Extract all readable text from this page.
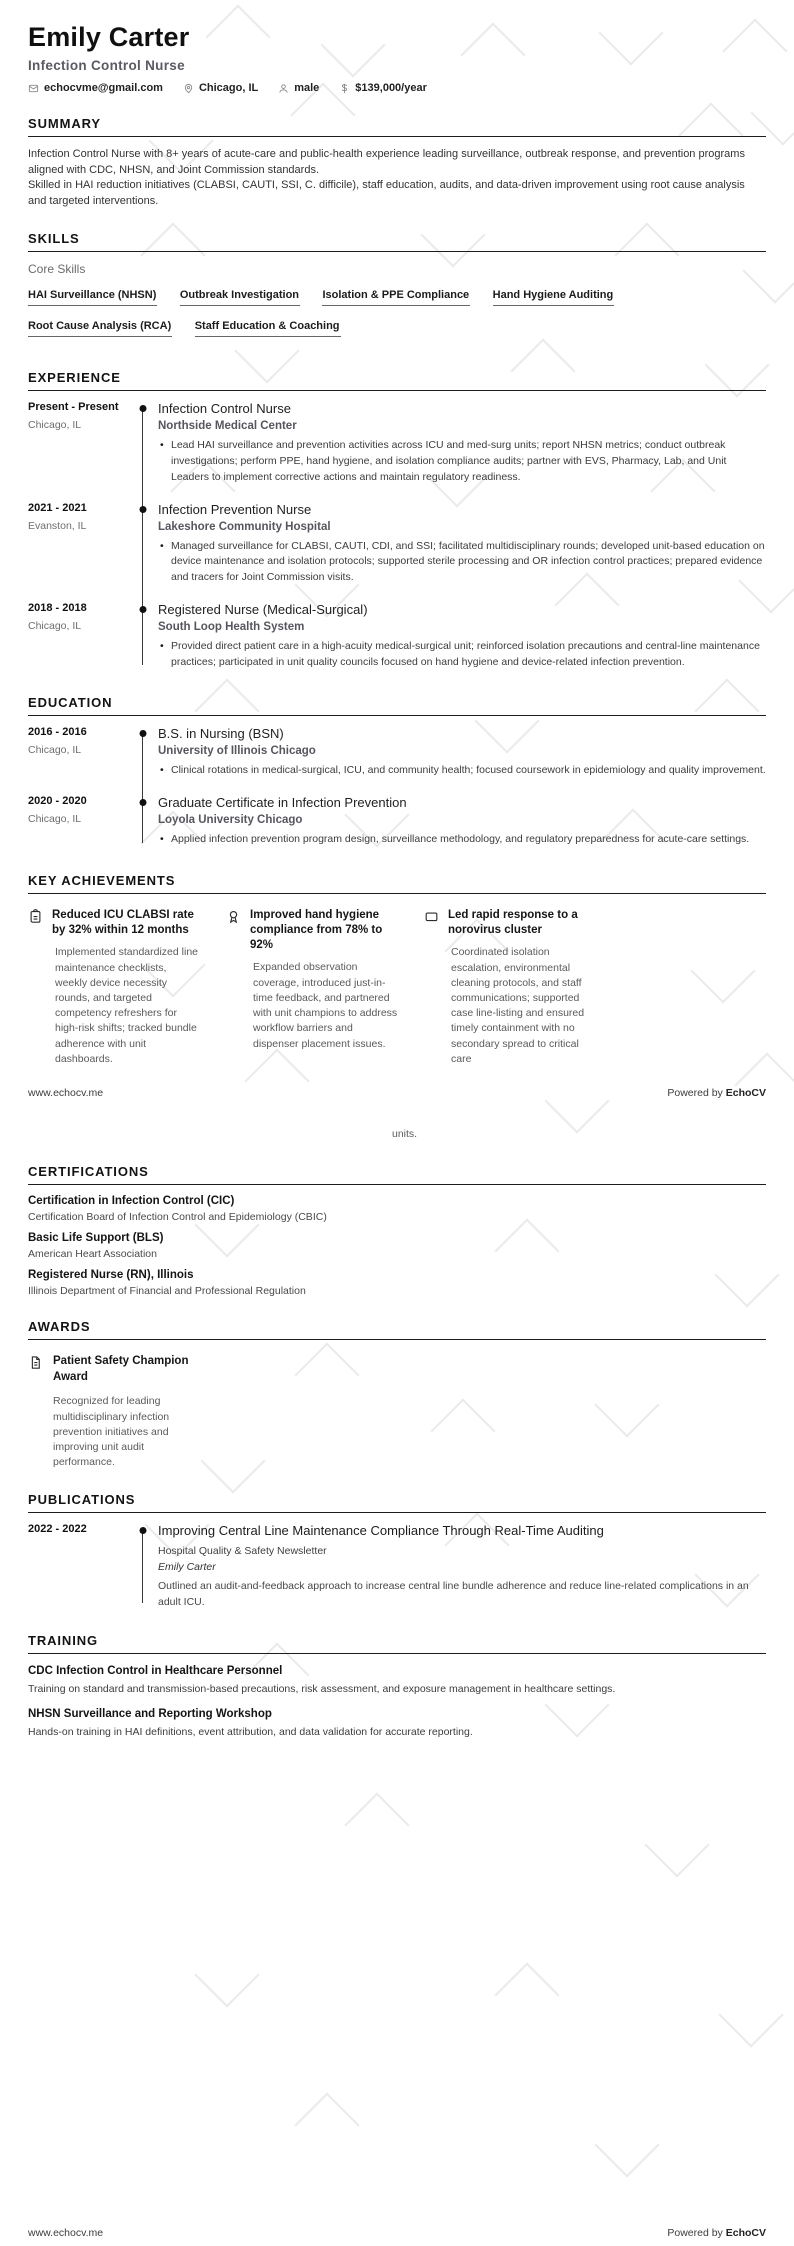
Emily Carter
Infection Control Nurse
echocvme@gmail.com	Chicago, IL	male	$139,000/year
SUMMARY

Infection Control Nurse with 8+ years of acute-care and public-health experience leading surveillance, outbreak response, and prevention programs aligned with CDC, NHSN, and Joint Commission standards.

Skilled in HAI reduction initiatives (CLABSI, CAUTI, SSI, C. difficile), staff education, audits, and data-driven improvement using root cause analysis and targeted interventions.

SKILLS
Core Skills
HAI Surveillance (NHSN) Outbreak Investigation Isolation & PPE Compliance Hand Hygiene Auditing
Root Cause Analysis (RCA) Staff Education & Coaching
EXPERIENCE
Present - Present
Chicago, IL
Infection Control Nurse
Northside Medical Center
• Lead HAI surveillance and prevention activities across ICU and med-surg units; report NHSN metrics; conduct outbreak investigations; perform PPE, hand hygiene, and isolation compliance audits; partner with EVS, Pharmacy, Lab, and Unit Leaders to implement corrective actions and maintain regulatory readiness.
2021 - 2021
Evanston, IL
Infection Prevention Nurse
Lakeshore Community Hospital
• Managed surveillance for CLABSI, CAUTI, CDI, and SSI; facilitated multidisciplinary rounds; developed unit-based education on device maintenance and isolation protocols; supported sterile processing and OR infection control practices; prepared evidence and tracers for Joint Commission visits.
2018 - 2018
Chicago, IL
Registered Nurse (Medical-Surgical)
South Loop Health System
• Provided direct patient care in a high-acuity medical-surgical unit; reinforced isolation precautions and central-line maintenance practices; participated in unit quality councils focused on hand hygiene and device-related infection prevention.
EDUCATION
2016 - 2016
Chicago, IL
B.S. in Nursing (BSN)
University of Illinois Chicago
• Clinical rotations in medical-surgical, ICU, and community health; focused coursework in epidemiology and quality improvement.
2020 - 2020
Chicago, IL
Graduate Certificate in Infection Prevention
Loyola University Chicago
• Applied infection prevention program design, surveillance methodology, and regulatory preparedness for acute-care settings.
KEY ACHIEVEMENTS
Reduced ICU CLABSI rate by 32% within 12 months

Implemented standardized line maintenance checklists, weekly device necessity rounds, and targeted competency refreshers for high-risk shifts; tracked bundle adherence with unit dashboards.

Improved hand hygiene compliance from 78% to 92%

Expanded observation coverage, introduced just-in-time feedback, and partnered with unit champions to address workflow barriers and dispenser placement issues.

Led rapid response to a norovirus cluster

Coordinated isolation escalation, environmental cleaning protocols, and staff communications; supported case line-listing and ensured timely containment with no secondary spread to critical care

www.echocv.me	Powered by EchoCV

units.

CERTIFICATIONS
Certification in Infection Control (CIC)
Certification Board of Infection Control and Epidemiology (CBIC)
Basic Life Support (BLS)
American Heart Association
Registered Nurse (RN), Illinois
Illinois Department of Financial and Professional Regulation
AWARDS
Patient Safety Champion Award

Recognized for leading multidisciplinary infection prevention initiatives and improving unit audit performance.

PUBLICATIONS
2022 - 2022	Improving Central Line Maintenance Compliance Through Real-Time Auditing
Hospital Quality & Safety Newsletter
Emily Carter

Outlined an audit-and-feedback approach to increase central line bundle adherence and reduce line-related complications in an adult ICU.

TRAINING
CDC Infection Control in Healthcare Personnel

Training on standard and transmission-based precautions, risk assessment, and exposure management in healthcare settings.

NHSN Surveillance and Reporting Workshop

Hands-on training in HAI definitions, event attribution, and data validation for accurate reporting.

www.echocv.me	Powered by EchoCV
